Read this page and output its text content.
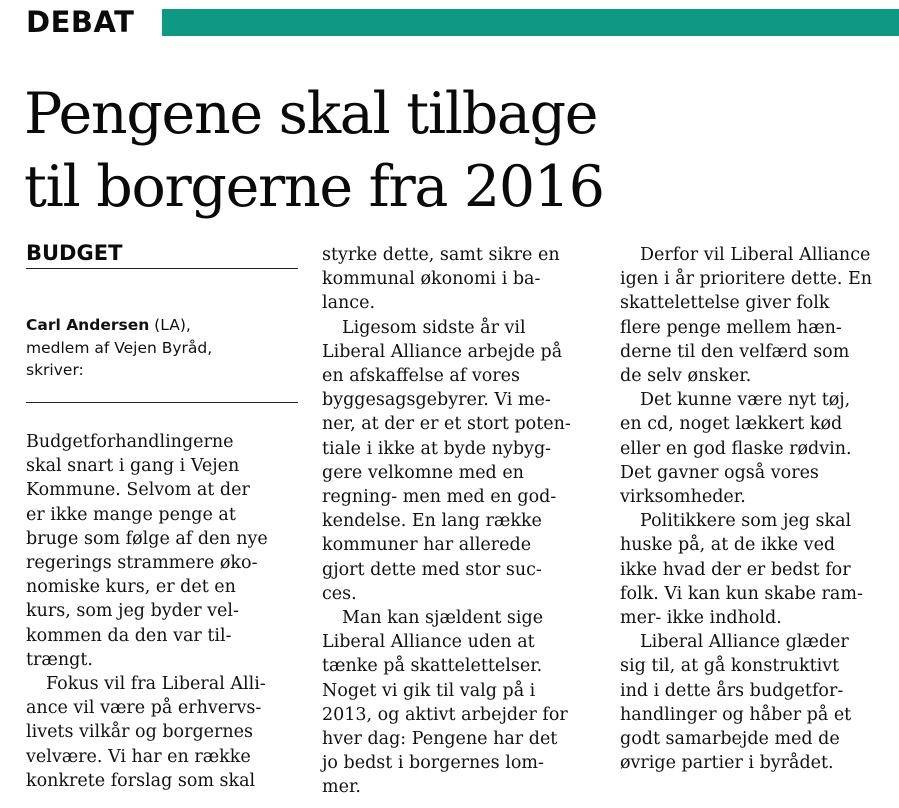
DEBAT
Pengene skal tilbage
til borgerne fra 2016
BUDGET
Carl Andersen (LA),
medlem af Vejen Byråd,
skriver:
Budgetforhandlingerne
skal snart i gang i Vejen
Kommune. Selvom at der
er ikke mange penge at
bruge som følge af den nye
regerings strammere øko-
nomiske kurs, er det en
kurs, som jeg byder vel-
kommen da den var til-
trængt.
Fokus vil fra Liberal Alli-
ance vil være på erhvervs-
livets vilkår og borgernes
velvære. Vi har en række
konkrete forslag som skal
styrke dette, samt sikre en
kommunal økonomi i ba-
lance.
Ligesom sidste år vil
Liberal Alliance arbejde på
en afskaffelse af vores
byggesagsgebyrer. Vi me-
ner, at der er et stort poten-
tiale i ikke at byde nybyg-
gere velkomne med en
regning- men med en god-
kendelse. En lang række
kommuner har allerede
gjort dette med stor suc-
ces.
Man kan sjældent sige
Liberal Alliance uden at
tænke på skattelettelser.
Noget vi gik til valg på i
2013, og aktivt arbejder for
hver dag: Pengene har det
jo bedst i borgernes lom-
mer.
Derfor vil Liberal Alliance
igen i år prioritere dette. En
skattelettelse giver folk
flere penge mellem hæn-
derne til den velfærd som
de selv ønsker.
Det kunne være nyt tøj,
en cd, noget lækkert kød
eller en god flaske rødvin.
Det gavner også vores
virksomheder.
Politikkere som jeg skal
huske på, at de ikke ved
ikke hvad der er bedst for
folk. Vi kan kun skabe ram-
mer- ikke indhold.
Liberal Alliance glæder
sig til, at gå konstruktivt
ind i dette års budgetfor-
handlinger og håber på et
godt samarbejde med de
øvrige partier i byrådet.
